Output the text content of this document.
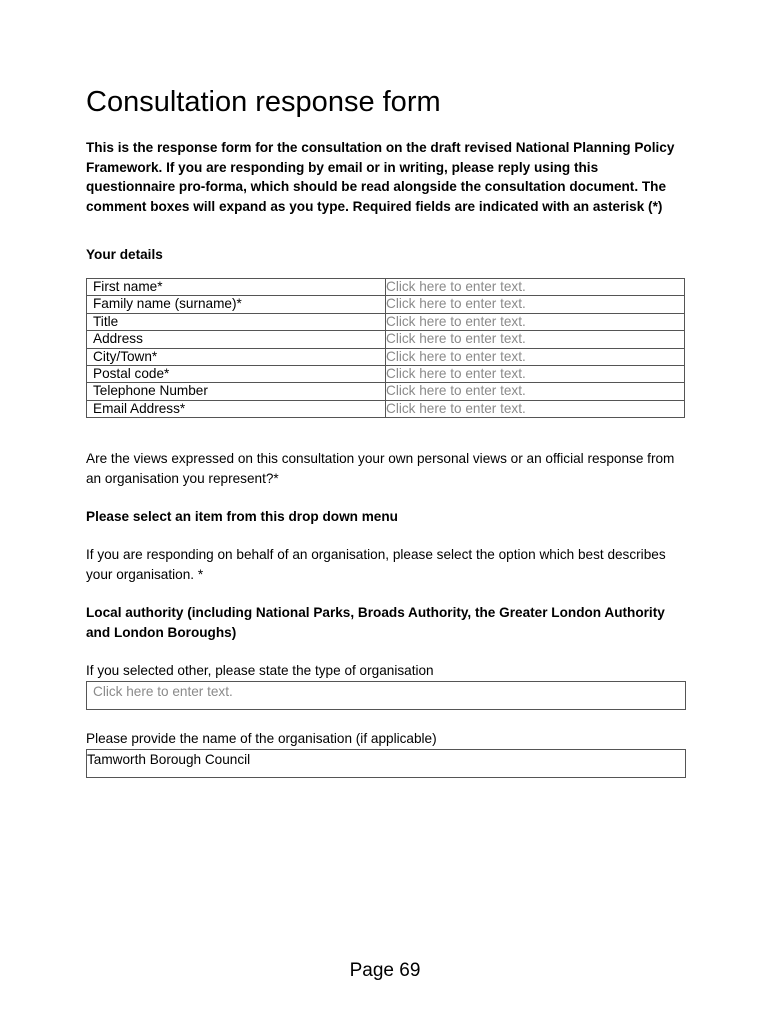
Consultation response form

This is the response form for the consultation on the draft revised National Planning Policy Framework. If you are responding by email or in writing, please reply using this questionnaire pro-forma, which should be read alongside the consultation document. The comment boxes will expand as you type. Required fields are indicated with an asterisk (*)

Your details

First name*	Click here to enter text.
Family name (surname)*	Click here to enter text.
Title	Click here to enter text.
Address	Click here to enter text.
City/Town*	Click here to enter text.
Postal code*	Click here to enter text.
Telephone Number	Click here to enter text.
Email Address*	Click here to enter text.

Are the views expressed on this consultation your own personal views or an official response from an organisation you represent?*

Please select an item from this drop down menu

If you are responding on behalf of an organisation, please select the option which best describes your organisation. *

Local authority (including National Parks, Broads Authority, the Greater London Authority and London Boroughs)

If you selected other, please state the type of organisation

Click here to enter text.

Please provide the name of the organisation (if applicable)

Tamworth Borough Council

Page 69
